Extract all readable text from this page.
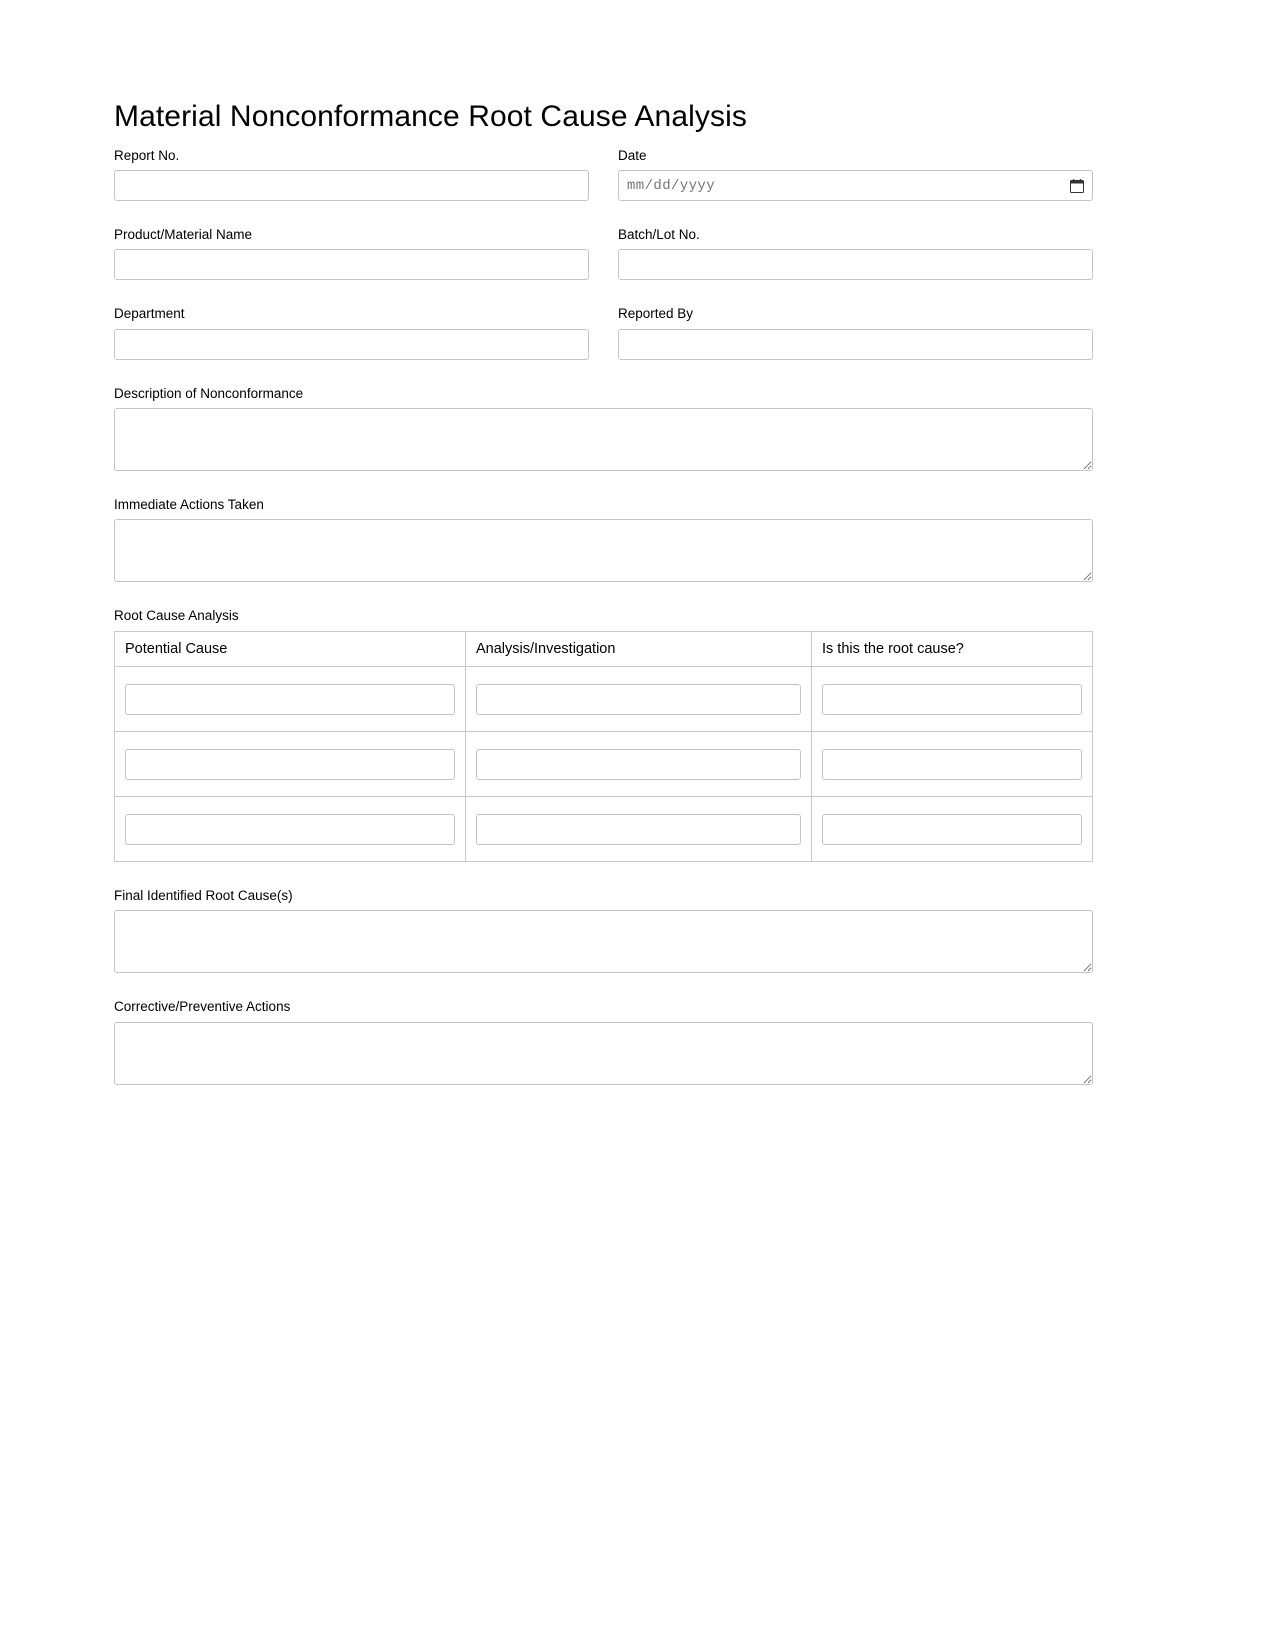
Material Nonconformance Root Cause Analysis
Report No.	Date
mm/dd/yyyy
Product/Material Name	Batch/Lot No.
Department	Reported By
Description of Nonconformance
Immediate Actions Taken
Root Cause Analysis
Potential Cause	Analysis/Investigation	Is this the root cause?

Final Identified Root Cause(s)
Corrective/Preventive Actions
